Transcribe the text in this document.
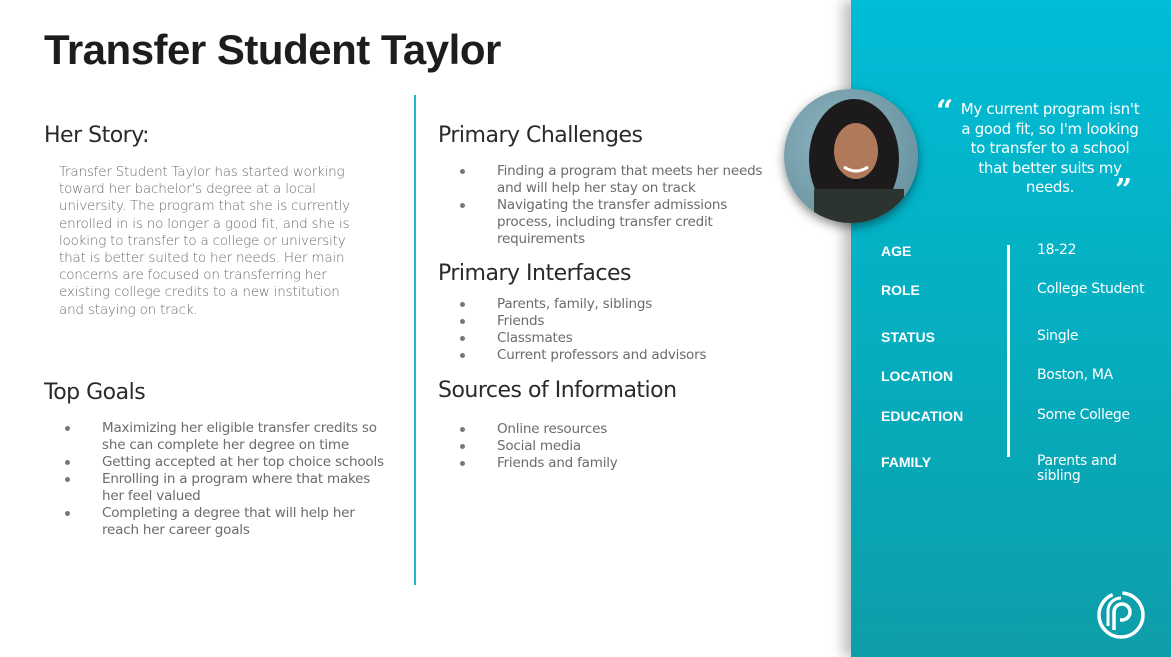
Transfer Student Taylor
Her Story:
Transfer Student Taylor has started working toward her bachelor's degree at a local university. The program that she is currently enrolled in is no longer a good fit, and she is looking to transfer to a college or university that is better suited to her needs. Her main concerns are focused on transferring her existing college credits to a new institution and staying on track.
Top Goals
Maximizing her eligible transfer credits so she can complete her degree on time
Getting accepted at her top choice schools
Enrolling in a program where that makes her feel valued
Completing a degree that will help her reach her career goals
Primary Challenges
Finding a program that meets her needs and will help her stay on track
Navigating the transfer admissions process, including transfer credit requirements
Primary Interfaces
Parents, family, siblings
Friends
Classmates
Current professors and advisors
Sources of Information
Online resources
Social media
Friends and family
“ My current program isn't a good fit, so I'm looking to transfer to a school that better suits my needs.	”
AGE	18-22
ROLE	College Student
STATUS	Single
LOCATION	Boston, MA
EDUCATION	Some College
FAMILY	Parents and sibling
